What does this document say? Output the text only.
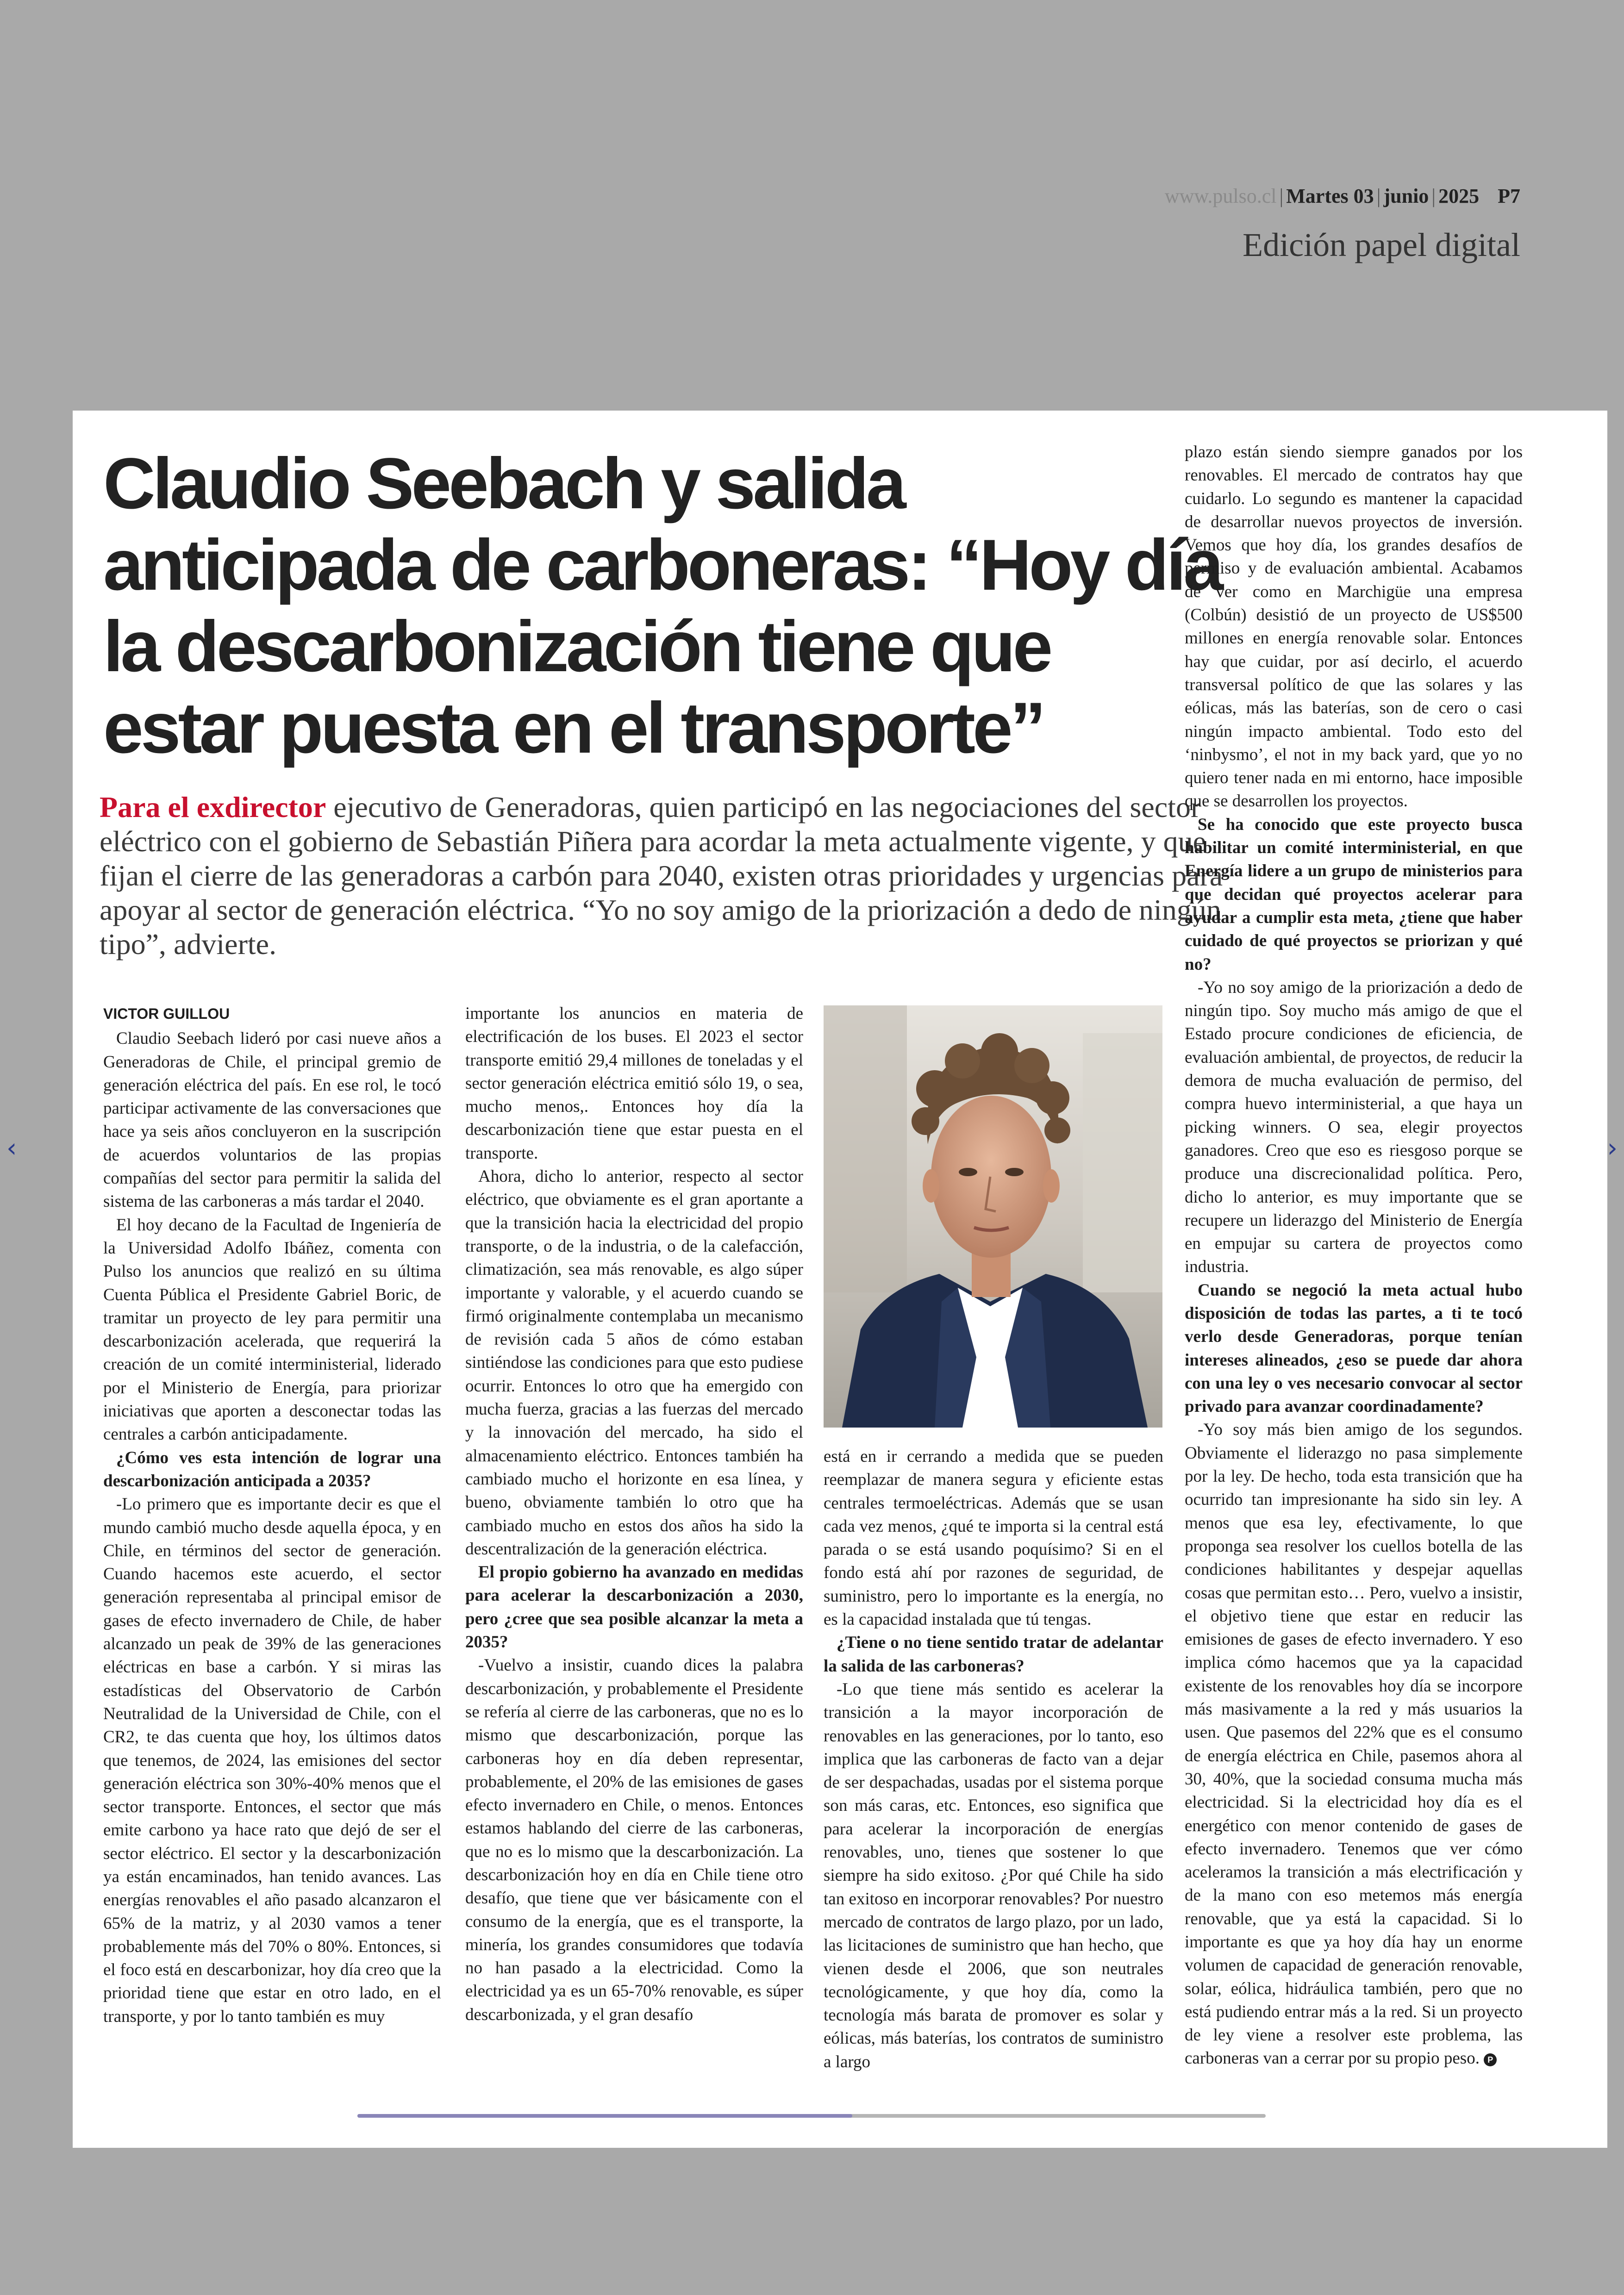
www.pulso.cl | Martes 03 | junio | 2025 P7
Edición papel digital
‹	›
Claudio Seebach y salida anticipada de carboneras: “Hoy día la descarbonización tiene que estar puesta en el transporte”

Para el exdirector ejecutivo de Generadoras, quien participó en las negociaciones del sector eléctrico con el gobierno de Sebastián Piñera para acordar la meta actualmente vigente, y que fijan el cierre de las generadoras a carbón para 2040, existen otras prioridades y urgencias para apoyar al sector de generación eléctrica. “Yo no soy amigo de la priorización a dedo de ningún tipo”, advierte.

VICTOR GUILLOU

Claudio Seebach lideró por casi nueve años a Generadoras de Chile, el principal gremio de generación eléctrica del país. En ese rol, le tocó participar activamente de las conversaciones que hace ya seis años concluyeron en la suscripción de acuerdos voluntarios de las propias compañías del sector para permitir la salida del sistema de las carboneras a más tardar el 2040.

El hoy decano de la Facultad de Ingeniería de la Universidad Adolfo Ibáñez, comenta con Pulso los anuncios que realizó en su última Cuenta Pública el Presidente Gabriel Boric, de tramitar un proyecto de ley para permitir una descarbonización acelerada, que requerirá la creación de un comité interministerial, liderado por el Ministerio de Energía, para priorizar iniciativas que aporten a desconectar todas las centrales a carbón anticipadamente.

¿Cómo ves esta intención de lograr una descarbonización anticipada a 2035?

-Lo primero que es importante decir es que el mundo cambió mucho desde aquella época, y en Chile, en términos del sector de generación. Cuando hacemos este acuerdo, el sector generación representaba al principal emisor de gases de efecto invernadero de Chile, de haber alcanzado un peak de 39% de las generaciones eléctricas en base a carbón. Y si miras las estadísticas del Observatorio de Carbón Neutralidad de la Universidad de Chile, con el CR2, te das cuenta que hoy, los últimos datos que tenemos, de 2024, las emisiones del sector generación eléctrica son 30%-40% menos que el sector transporte. Entonces, el sector que más emite carbono ya hace rato que dejó de ser el sector eléctrico. El sector y la descarbonización ya están encaminados, han tenido avances. Las energías renovables el año pasado alcanzaron el 65% de la matriz, y al 2030 vamos a tener probablemente más del 70% o 80%. Entonces, si el foco está en descarbonizar, hoy día creo que la prioridad tiene que estar en otro lado, en el transporte, y por lo tanto también es muy

importante los anuncios en materia de electrificación de los buses. El 2023 el sector transporte emitió 29,4 millones de toneladas y el sector generación eléctrica emitió sólo 19, o sea, mucho menos,. Entonces hoy día la descarbonización tiene que estar puesta en el transporte.

Ahora, dicho lo anterior, respecto al sector eléctrico, que obviamente es el gran aportante a que la transición hacia la electricidad del propio transporte, o de la industria, o de la calefacción, climatización, sea más renovable, es algo súper importante y valorable, y el acuerdo cuando se firmó originalmente contemplaba un mecanismo de revisión cada 5 años de cómo estaban sintiéndose las condiciones para que esto pudiese ocurrir. Entonces lo otro que ha emergido con mucha fuerza, gracias a las fuerzas del mercado y la innovación del mercado, ha sido el almacenamiento eléctrico. Entonces también ha cambiado mucho el horizonte en esa línea, y bueno, obviamente también lo otro que ha cambiado mucho en estos dos años ha sido la descentralización de la generación eléctrica.

El propio gobierno ha avanzado en medidas para acelerar la descarbonización a 2030, pero ¿cree que sea posible alcanzar la meta a 2035?

-Vuelvo a insistir, cuando dices la palabra descarbonización, y probablemente el Presidente se refería al cierre de las carboneras, que no es lo mismo que descarbonización, porque las carboneras hoy en día deben representar, probablemente, el 20% de las emisiones de gases efecto invernadero en Chile, o menos. Entonces estamos hablando del cierre de las carboneras, que no es lo mismo que la descarbonización. La descarbonización hoy en día en Chile tiene otro desafío, que tiene que ver básicamente con el consumo de la energía, que es el transporte, la minería, los grandes consumidores que todavía no han pasado a la electricidad. Como la electricidad ya es un 65-70% renovable, es súper descarbonizada, y el gran desafío

está en ir cerrando a medida que se pueden reemplazar de manera segura y eficiente estas centrales termoeléctricas. Además que se usan cada vez menos, ¿qué te importa si la central está parada o se está usando poquísimo? Si en el fondo está ahí por razones de seguridad, de suministro, pero lo importante es la energía, no es la capacidad instalada que tú tengas.

¿Tiene o no tiene sentido tratar de adelantar la salida de las carboneras?

-Lo que tiene más sentido es acelerar la transición a la mayor incorporación de renovables en las generaciones, por lo tanto, eso implica que las carboneras de facto van a dejar de ser despachadas, usadas por el sistema porque son más caras, etc. Entonces, eso significa que para acelerar la incorporación de energías renovables, uno, tienes que sostener lo que siempre ha sido exitoso. ¿Por qué Chile ha sido tan exitoso en incorporar renovables? Por nuestro mercado de contratos de largo plazo, por un lado, las licitaciones de suministro que han hecho, que vienen desde el 2006, que son neutrales tecnológicamente, y que hoy día, como la tecnología más barata de promover es solar y eólicas, más baterías, los contratos de suministro a largo

plazo están siendo siempre ganados por los renovables. El mercado de contratos hay que cuidarlo. Lo segundo es mantener la capacidad de desarrollar nuevos proyectos de inversión. Vemos que hoy día, los grandes desafíos de permiso y de evaluación ambiental. Acabamos de ver como en Marchigüe una empresa (Colbún) desistió de un proyecto de US$500 millones en energía renovable solar. Entonces hay que cuidar, por así decirlo, el acuerdo transversal político de que las solares y las eólicas, más las baterías, son de cero o casi ningún impacto ambiental. Todo esto del ‘ninbysmo’, el not in my back yard, que yo no quiero tener nada en mi entorno, hace imposible que se desarrollen los proyectos.

Se ha conocido que este proyecto busca habilitar un comité interministerial, en que Energía lidere a un grupo de ministerios para que decidan qué proyectos acelerar para ayudar a cumplir esta meta, ¿tiene que haber cuidado de qué proyectos se priorizan y qué no?

-Yo no soy amigo de la priorización a dedo de ningún tipo. Soy mucho más amigo de que el Estado procure condiciones de eficiencia, de evaluación ambiental, de proyectos, de reducir la demora de mucha evaluación de permiso, del compra huevo interministerial, a que haya un picking winners. O sea, elegir proyectos ganadores. Creo que eso es riesgoso porque se produce una discrecionalidad política. Pero, dicho lo anterior, es muy importante que se recupere un liderazgo del Ministerio de Energía en empujar su cartera de proyectos como industria.

Cuando se negoció la meta actual hubo disposición de todas las partes, a ti te tocó verlo desde Generadoras, porque tenían intereses alineados, ¿eso se puede dar ahora con una ley o ves necesario convocar al sector privado para avanzar coordinadamente?

-Yo soy más bien amigo de los segundos. Obviamente el liderazgo no pasa simplemente por la ley. De hecho, toda esta transición que ha ocurrido tan impresionante ha sido sin ley. A menos que esa ley, efectivamente, lo que proponga sea resolver los cuellos botella de las condiciones habilitantes y despejar aquellas cosas que permitan esto… Pero, vuelvo a insistir, el objetivo tiene que estar en reducir las emisiones de gases de efecto invernadero. Y eso implica cómo hacemos que ya la capacidad existente de los renovables hoy día se incorpore más masivamente a la red y más usuarios la usen. Que pasemos del 22% que es el consumo de energía eléctrica en Chile, pasemos ahora al 30, 40%, que la sociedad consuma mucha más electricidad. Si la electricidad hoy día es el energético con menor contenido de gases de efecto invernadero. Tenemos que ver cómo aceleramos la transición a más electrificación y de la mano con eso metemos más energía renovable, que ya está la capacidad. Si lo importante es que ya hoy día hay un enorme volumen de capacidad de generación renovable, solar, eólica, hidráulica también, pero que no está pudiendo entrar más a la red. Si un proyecto de ley viene a resolver este problema, las carboneras van a cerrar por su propio peso. P
